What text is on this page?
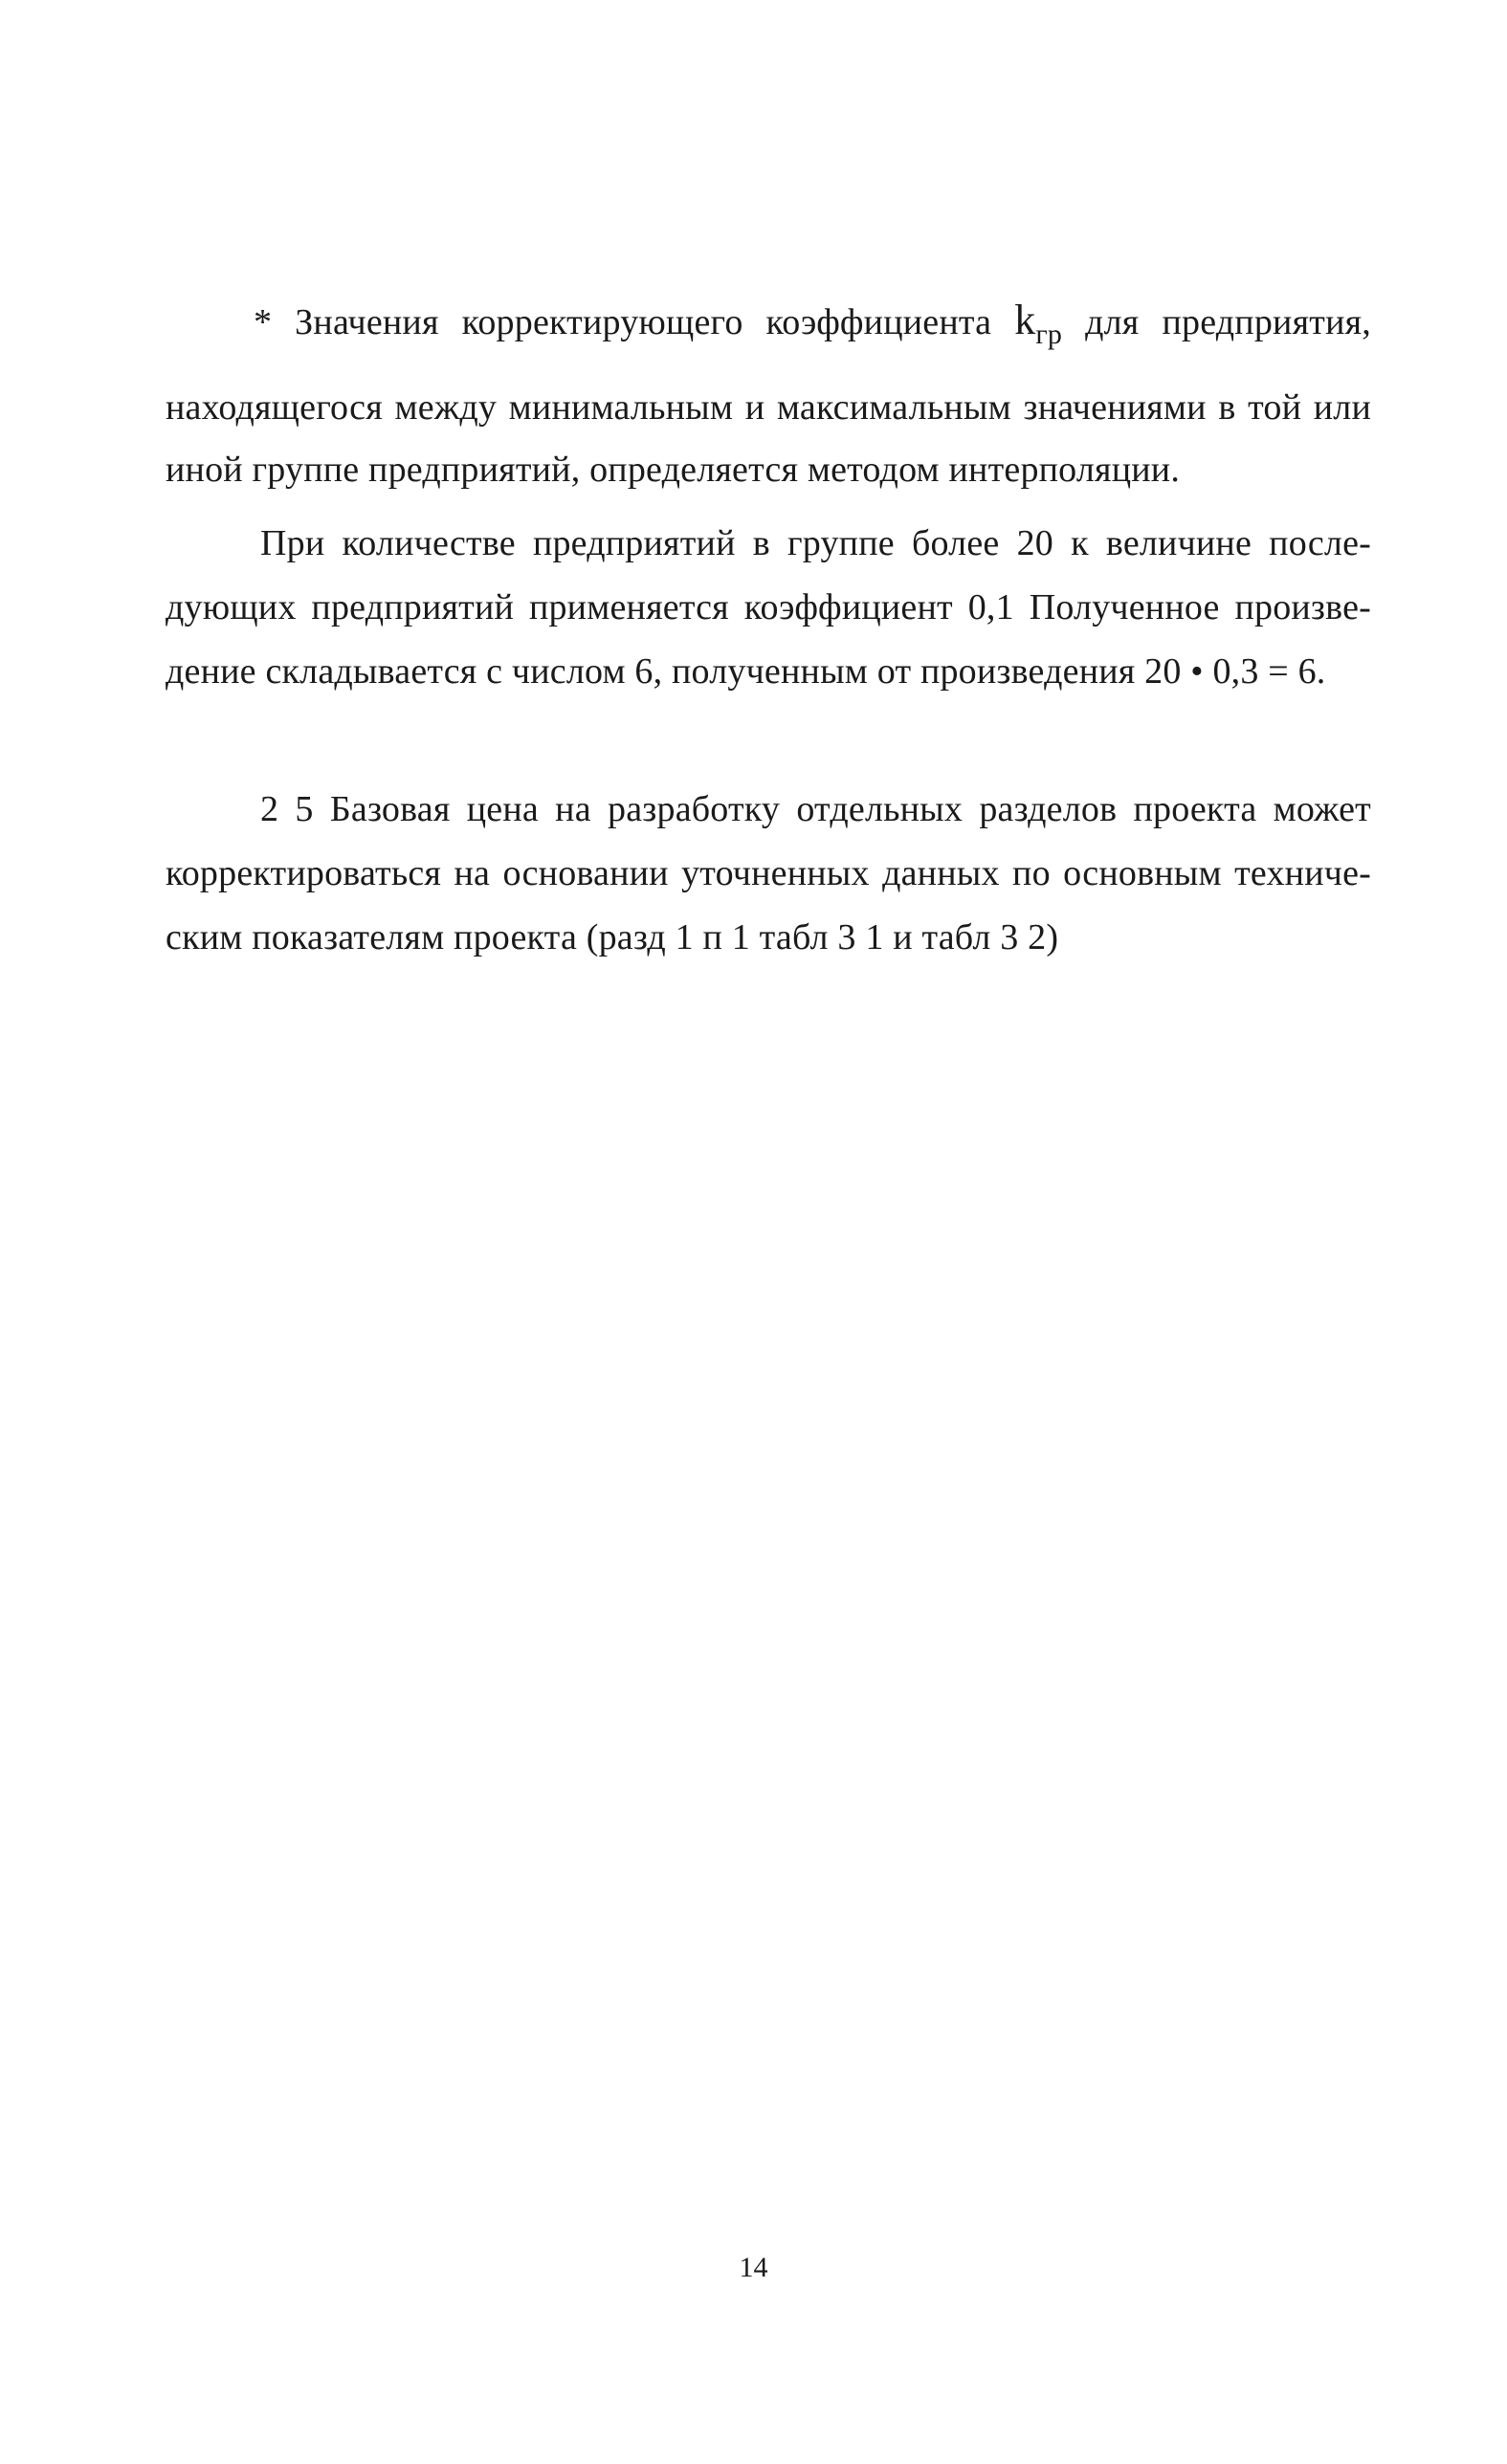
* Значения корректирующего коэффициента $k_{гр}$ для предприятия,
находящегося между минимальным и максимальным значениями в той или
иной группе предприятий, определяется методом интерполяции.
При количестве предприятий в группе более 20 к величине после-
дующих предприятий применяется коэффициент 0,1 Полученное произве-
дение складывается с числом 6, полученным от произведения 20 • 0,3 = 6.
2 5 Базовая цена на разработку отдельных разделов проекта может
корректироваться на основании уточненных данных по основным техниче-
ским показателям проекта (разд 1 п 1 табл 3 1 и табл 3 2)
14
